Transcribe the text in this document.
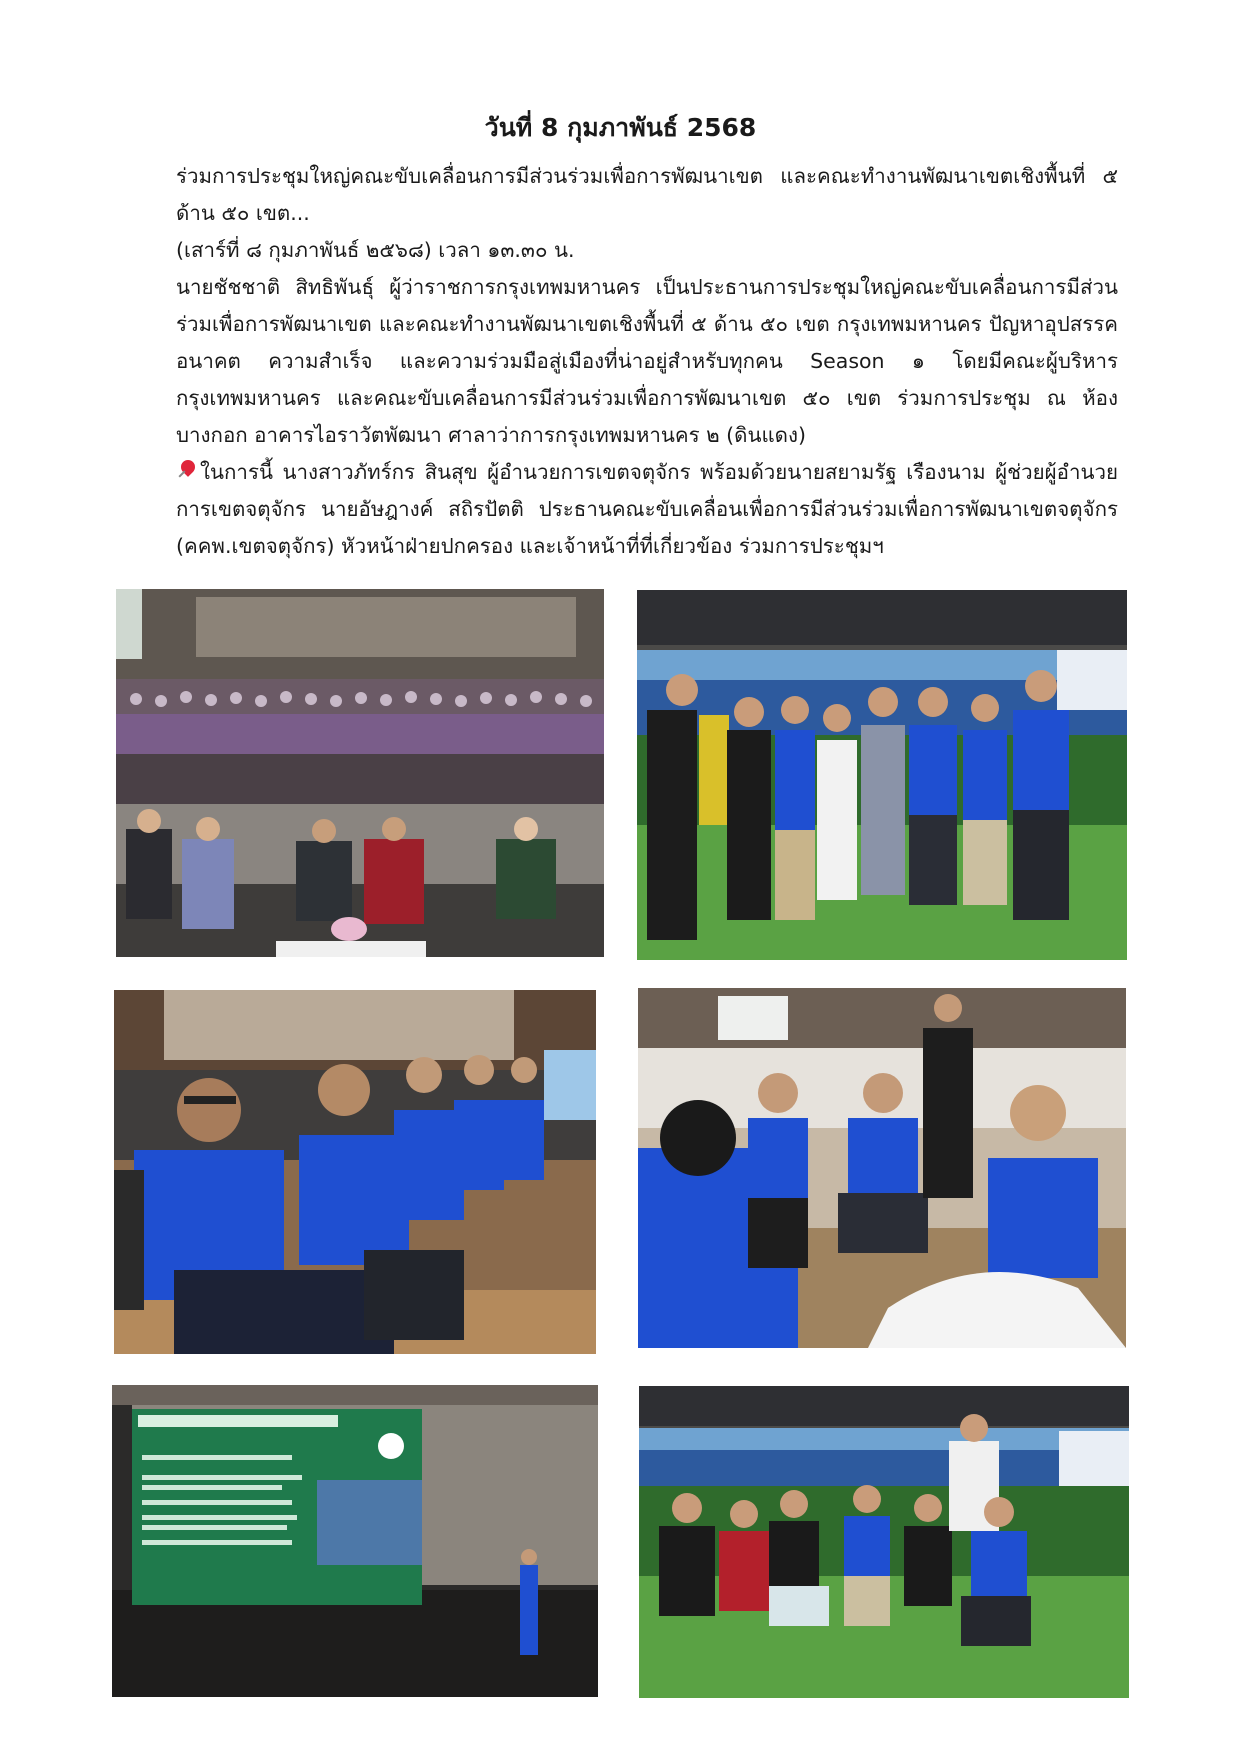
วันที่ 8 กุมภาพันธ์ 2568

ร่วมการประชุมใหญ่คณะขับเคลื่อนการมีส่วนร่วมเพื่อการพัฒนาเขต และคณะทำงานพัฒนาเขตเชิงพื้นที่ ๕ ด้าน ๕๐ เขต...

(เสาร์ที่ ๘ กุมภาพันธ์ ๒๕๖๘) เวลา ๑๓.๓๐ น.

นายชัชชาติ สิทธิพันธุ์ ผู้ว่าราชการกรุงเทพมหานคร เป็นประธานการประชุมใหญ่คณะขับเคลื่อนการมีส่วนร่วมเพื่อการพัฒนาเขต และคณะทำงานพัฒนาเขตเชิงพื้นที่ ๕ ด้าน ๕๐ เขต กรุงเทพมหานคร ปัญหาอุปสรรค อนาคต ความสำเร็จ และความร่วมมือสู่เมืองที่น่าอยู่สำหรับทุกคน Season ๑ โดยมีคณะผู้บริหารกรุงเทพมหานคร และคณะขับเคลื่อนการมีส่วนร่วมเพื่อการพัฒนาเขต ๕๐ เขต ร่วมการประชุม ณ ห้องบางกอก อาคารไอราวัตพัฒนา ศาลาว่าการกรุงเทพมหานคร ๒ (ดินแดง)

ในการนี้ นางสาวภัทร์กร สินสุข ผู้อำนวยการเขตจตุจักร พร้อมด้วยนายสยามรัฐ เรืองนาม ผู้ช่วยผู้อำนวยการเขตจตุจักร นายอัษฎางค์ สถิรปัตติ ประธานคณะขับเคลื่อนเพื่อการมีส่วนร่วมเพื่อการพัฒนาเขตจตุจักร (คคพ.เขตจตุจักร) หัวหน้าฝ่ายปกครอง และเจ้าหน้าที่ที่เกี่ยวข้อง ร่วมการประชุมฯ
